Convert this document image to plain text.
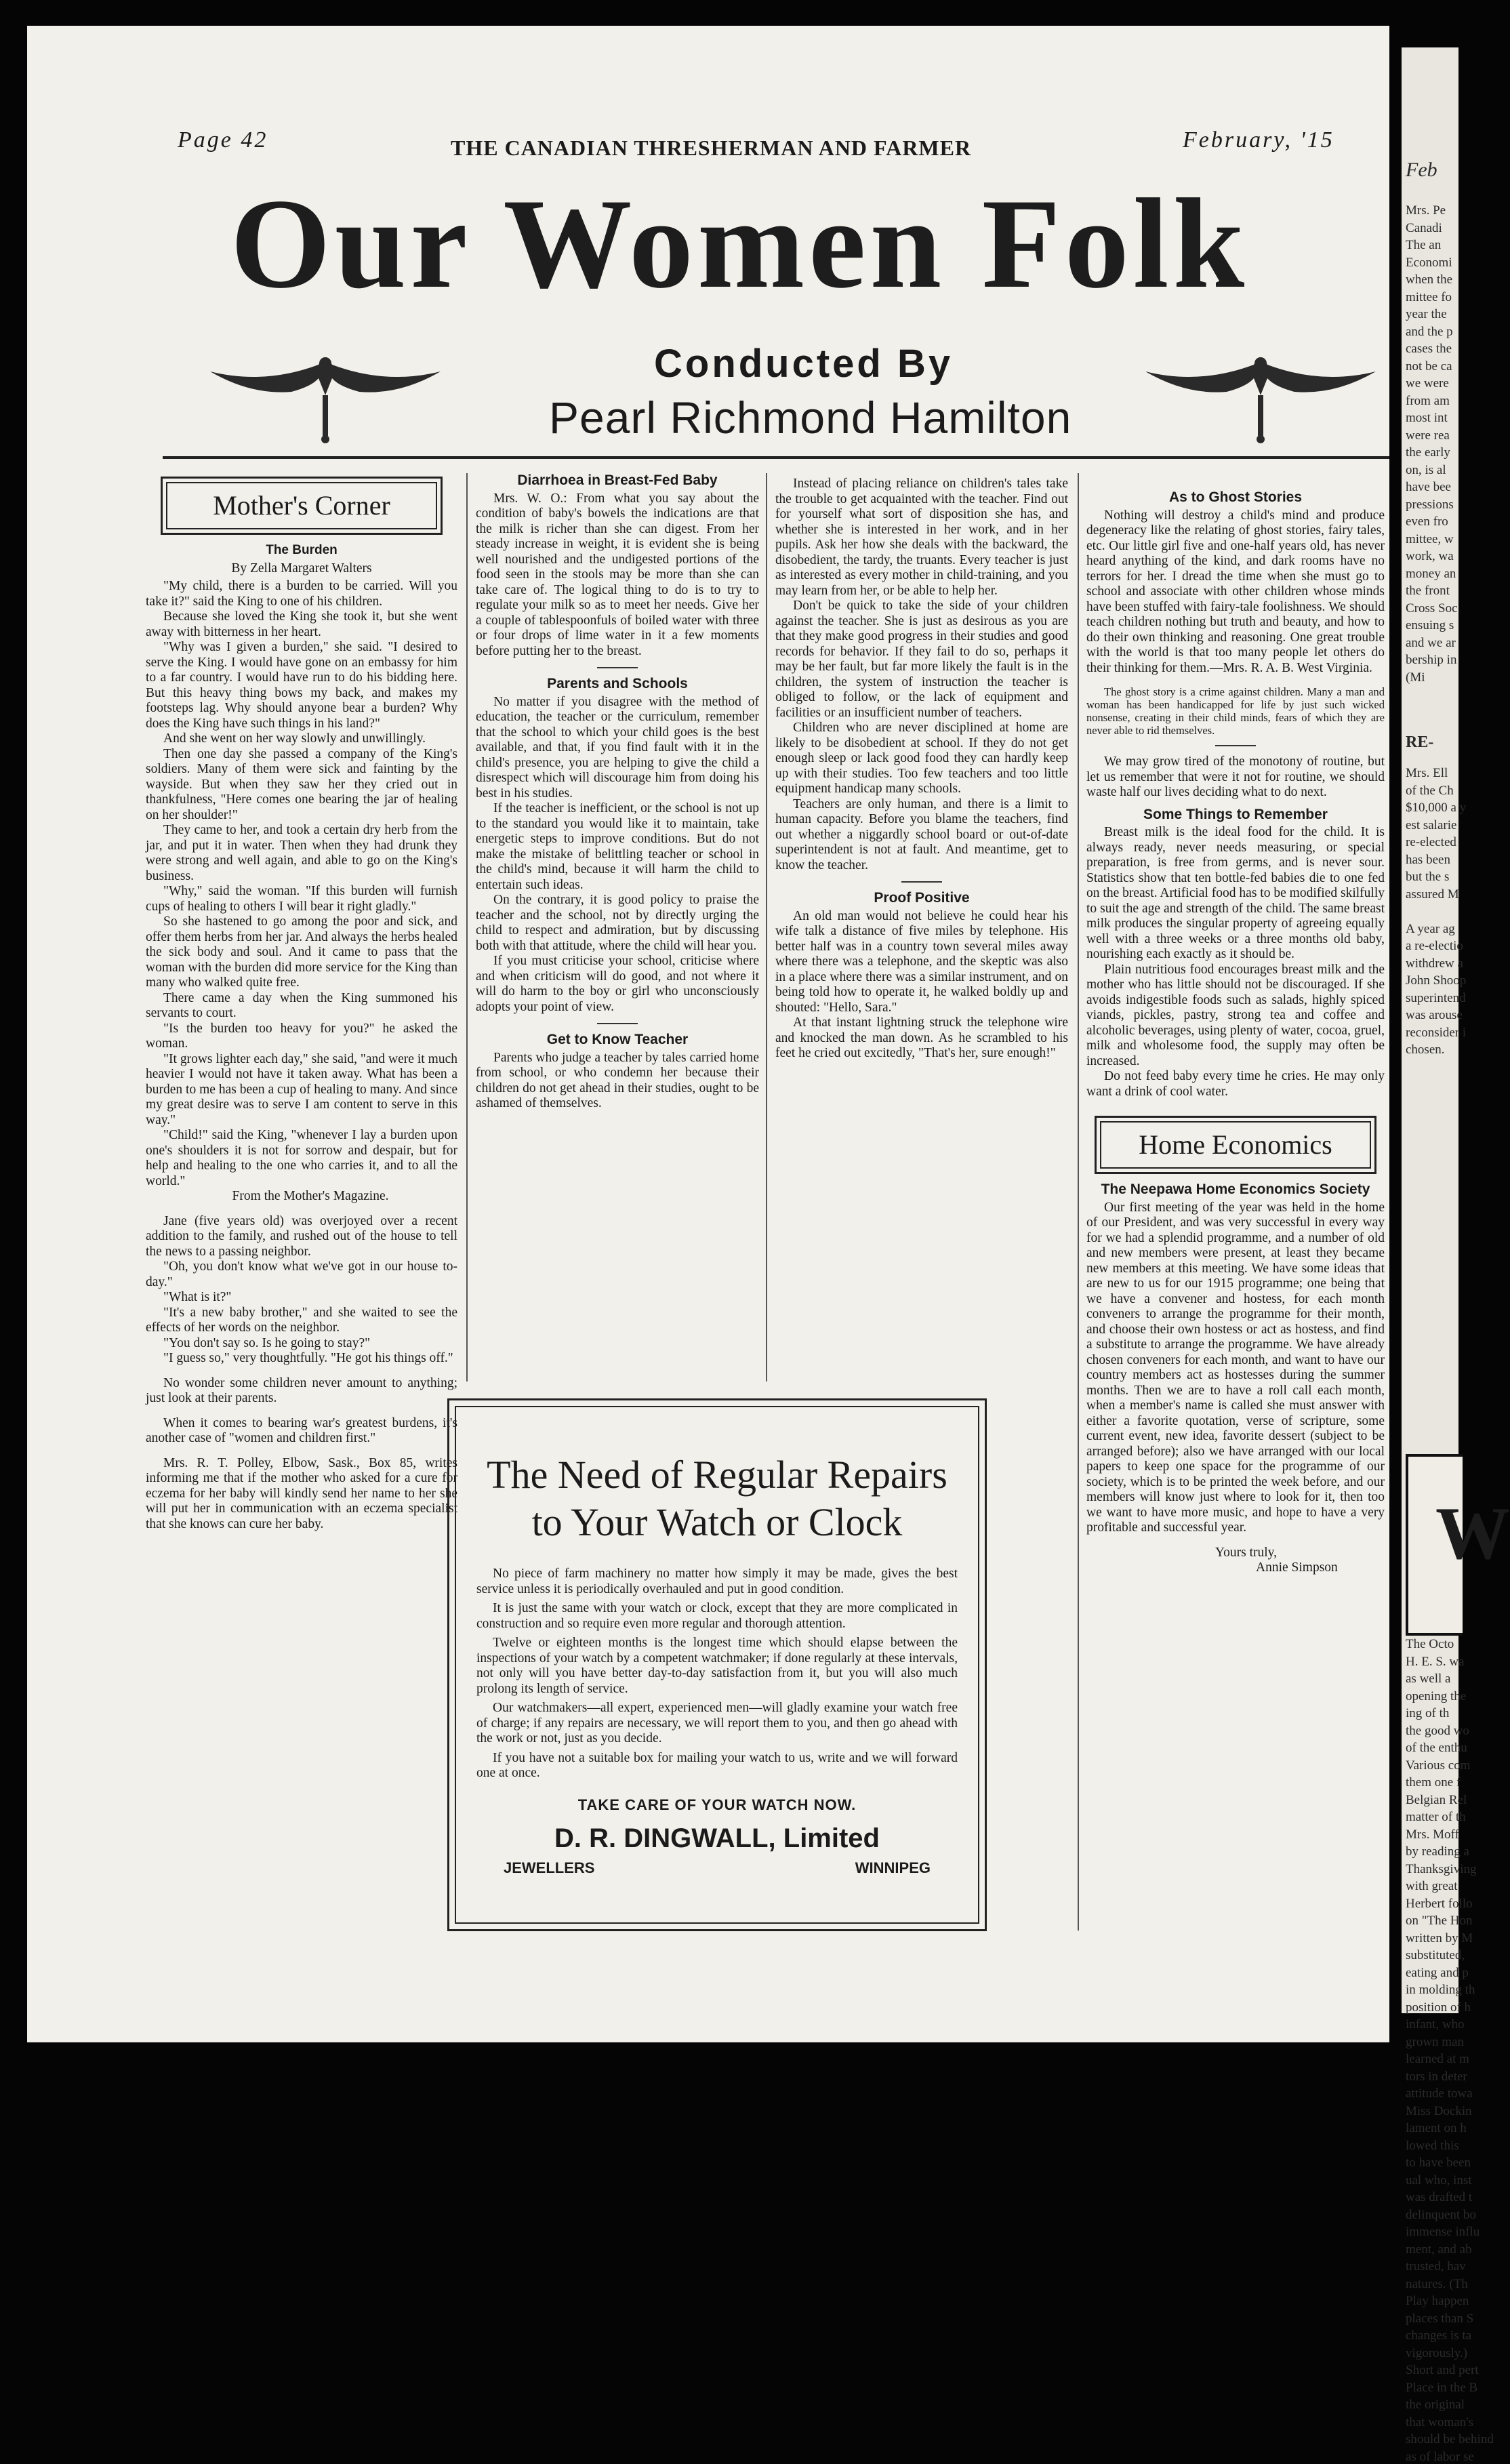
Page 42	THE CANADIAN THRESHERMAN AND FARMER	February, '15
Our Women Folk
Conducted By
Pearl Richmond Hamilton
Mother's Corner
The Burden
By Zella Margaret Walters

"My child, there is a burden to be carried. Will you take it?" said the King to one of his children.

Because she loved the King she took it, but she went away with bitterness in her heart.

"Why was I given a burden," she said. "I desired to serve the King. I would have gone on an embassy for him to a far country. I would have run to do his bidding here. But this heavy thing bows my back, and makes my footsteps lag. Why should anyone bear a burden? Why does the King have such things in his land?"

And she went on her way slowly and unwillingly.

Then one day she passed a company of the King's soldiers. Many of them were sick and fainting by the wayside. But when they saw her they cried out in thankfulness, "Here comes one bearing the jar of healing on her shoulder!"

They came to her, and took a certain dry herb from the jar, and put it in water. Then when they had drunk they were strong and well again, and able to go on the King's business.

"Why," said the woman. "If this burden will furnish cups of healing to others I will bear it right gladly."

So she hastened to go among the poor and sick, and offer them herbs from her jar. And always the herbs healed the sick body and soul. And it came to pass that the woman with the burden did more service for the King than many who walked quite free.

There came a day when the King summoned his servants to court.

"Is the burden too heavy for you?" he asked the woman.

"It grows lighter each day," she said, "and were it much heavier I would not have it taken away. What has been a burden to me has been a cup of healing to many. And since my great desire was to serve I am content to serve in this way."

"Child!" said the King, "whenever I lay a burden upon one's shoulders it is not for sorrow and despair, but for help and healing to the one who carries it, and to all the world."

From the Mother's Magazine.

Jane (five years old) was overjoyed over a recent addition to the family, and rushed out of the house to tell the news to a passing neighbor.

"Oh, you don't know what we've got in our house to-day."

"What is it?"

"It's a new baby brother," and she waited to see the effects of her words on the neighbor.

"You don't say so. Is he going to stay?"

"I guess so," very thoughtfully. "He got his things off."

No wonder some children never amount to anything; just look at their parents.

When it comes to bearing war's greatest burdens, it's another case of "women and children first."

Mrs. R. T. Polley, Elbow, Sask., Box 85, writes informing me that if the mother who asked for a cure for eczema for her baby will kindly send her name to her she will put her in communication with an eczema specialist that she knows can cure her baby.

Diarrhoea in Breast-Fed Baby

Mrs. W. O.: From what you say about the condition of baby's bowels the indications are that the milk is richer than she can digest. From her steady increase in weight, it is evident she is being well nourished and the undigested portions of the food seen in the stools may be more than she can take care of. The logical thing to do is to try to regulate your milk so as to meet her needs. Give her a couple of tablespoonfuls of boiled water with three or four drops of lime water in it a few moments before putting her to the breast.

Parents and Schools

No matter if you disagree with the method of education, the teacher or the curriculum, remember that the school to which your child goes is the best available, and that, if you find fault with it in the child's presence, you are helping to give the child a disrespect which will discourage him from doing his best in his studies.

If the teacher is inefficient, or the school is not up to the standard you would like it to maintain, take energetic steps to improve conditions. But do not make the mistake of belittling teacher or school in the child's mind, because it will harm the child to entertain such ideas.

On the contrary, it is good policy to praise the teacher and the school, not by directly urging the child to respect and admiration, but by discussing both with that attitude, where the child will hear you.

If you must criticise your school, criticise where and when criticism will do good, and not where it will do harm to the boy or girl who unconsciously adopts your point of view.

Get to Know Teacher

Parents who judge a teacher by tales carried home from school, or who condemn her because their children do not get ahead in their studies, ought to be ashamed of themselves.

Instead of placing reliance on children's tales take the trouble to get acquainted with the teacher. Find out for yourself what sort of disposition she has, and whether she is interested in her work, and in her pupils. Ask her how she deals with the backward, the disobedient, the tardy, the truants. Every teacher is just as interested as every mother in child-training, and you may learn from her, or be able to help her.

Don't be quick to take the side of your children against the teacher. She is just as desirous as you are that they make good progress in their studies and good records for behavior. If they fail to do so, perhaps it may be her fault, but far more likely the fault is in the children, the system of instruction the teacher is obliged to follow, or the lack of equipment and facilities or an insufficient number of teachers.

Children who are never disciplined at home are likely to be disobedient at school. If they do not get enough sleep or lack good food they can hardly keep up with their studies. Too few teachers and too little equipment handicap many schools.

Teachers are only human, and there is a limit to human capacity. Before you blame the teachers, find out whether a niggardly school board or out-of-date superintendent is not at fault. And meantime, get to know the teacher.

Proof Positive

An old man would not believe he could hear his wife talk a distance of five miles by telephone. His better half was in a country town several miles away where there was a telephone, and the skeptic was also in a place where there was a similar instrument, and on being told how to operate it, he walked boldly up and shouted: "Hello, Sara."

At that instant lightning struck the telephone wire and knocked the man down. As he scrambled to his feet he cried out excitedly, "That's her, sure enough!"

As to Ghost Stories

Nothing will destroy a child's mind and produce degeneracy like the relating of ghost stories, fairy tales, etc. Our little girl five and one-half years old, has never heard anything of the kind, and dark rooms have no terrors for her. I dread the time when she must go to school and associate with other children whose minds have been stuffed with fairy-tale foolishness. We should teach children nothing but truth and beauty, and how to do their own thinking and reasoning. One great trouble with the world is that too many people let others do their thinking for them.—Mrs. R. A. B. West Virginia.

The ghost story is a crime against children. Many a man and woman has been handicapped for life by just such wicked nonsense, creating in their child minds, fears of which they are never able to rid themselves.

We may grow tired of the monotony of routine, but let us remember that were it not for routine, we should waste half our lives deciding what to do next.

Some Things to Remember

Breast milk is the ideal food for the child. It is always ready, never needs measuring, or special preparation, is free from germs, and is never sour. Statistics show that ten bottle-fed babies die to one fed on the breast. Artificial food has to be modified skilfully to suit the age and strength of the child. The same breast milk produces the singular property of agreeing equally well with a three weeks or a three months old baby, nourishing each exactly as it should be.

Plain nutritious food encourages breast milk and the mother who has little should not be discouraged. If she avoids indigestible foods such as salads, highly spiced viands, pickles, pastry, strong tea and coffee and alcoholic beverages, using plenty of water, cocoa, gruel, milk and wholesome food, the supply may often be increased.

Do not feed baby every time he cries. He may only want a drink of cool water.

Home Economics
The Neepawa Home Economics Society

Our first meeting of the year was held in the home of our President, and was very successful in every way for we had a splendid programme, and a number of old and new members were present, at least they became new members at this meeting. We have some ideas that are new to us for our 1915 programme; one being that we have a convener and hostess, for each month conveners to arrange the programme for their month, and choose their own hostess or act as hostess, and find a substitute to arrange the programme. We have already chosen conveners for each month, and want to have our country members act as hostesses during the summer months. Then we are to have a roll call each month, when a member's name is called she must answer with either a favorite quotation, verse of scripture, some current event, new idea, favorite dessert (subject to be arranged before); also we have arranged with our local papers to keep one space for the programme of our society, which is to be printed the week before, and our members will know just where to look for it, then too we want to have more music, and hope to have a very profitable and successful year.

Yours truly,

Annie Simpson

The Need of Regular Repairs
to Your Watch or Clock

No piece of farm machinery no matter how simply it may be made, gives the best service unless it is periodically overhauled and put in good condition.

It is just the same with your watch or clock, except that they are more complicated in construction and so require even more regular and thorough attention.

Twelve or eighteen months is the longest time which should elapse between the inspections of your watch by a competent watchmaker; if done regularly at these intervals, not only will you have better day-to-day satisfaction from it, but you will also much prolong its length of service.

Our watchmakers—all expert, experienced men—will gladly examine your watch free of charge; if any repairs are necessary, we will report them to you, and then go ahead with the work or not, just as you decide.

If you have not a suitable box for mailing your watch to us, write and we will forward one at once.

TAKE CARE OF YOUR WATCH NOW.
D. R. DINGWALL, Limited
JEWELLERS	WINNIPEG
Feb
Mrs. Pe
Canadi
The an
Economi
when the
mittee fo
year the
and the p
cases the
not be ca
we were
from am
most int
were rea
the early
on, is al
have bee
pressions
even fro
mittee, w
work, wa
money an
the front
Cross Soc
ensuing s
and we ar
bership in
(Mi
RE-
Mrs. Ell
of the Ch
$10,000 a y
est salarie
re-elected
has been
but the s
assured M
A year ag
a re-electio
withdrew a
John Shoop
superintend
was arouse
reconsider i
chosen.
W
The Octo
H. E. S. wa
as well a
opening the
ing of th
the good wo
of the enthu
Various com
them one f
Belgian Rel
matter of th
Mrs. Moff
by reading a
Thanksgiving
with great
Herbert follo
on "The Hon
written by M
substituted,
eating and p
in molding th
position of h
infant, who
grown man
learned at m
tors in deter
attitude towa
Miss Dockin
lament on h
lowed this
to have been
ual who, inst
was drafted t
delinquent bo
immense influ
ment, and ab
trusted, hav
natures. (Th
Play happen
places than S
changes is ta
vigorously.)
Short and pert
Place in the B
the original
that woman's
should be behind
as of labor se
